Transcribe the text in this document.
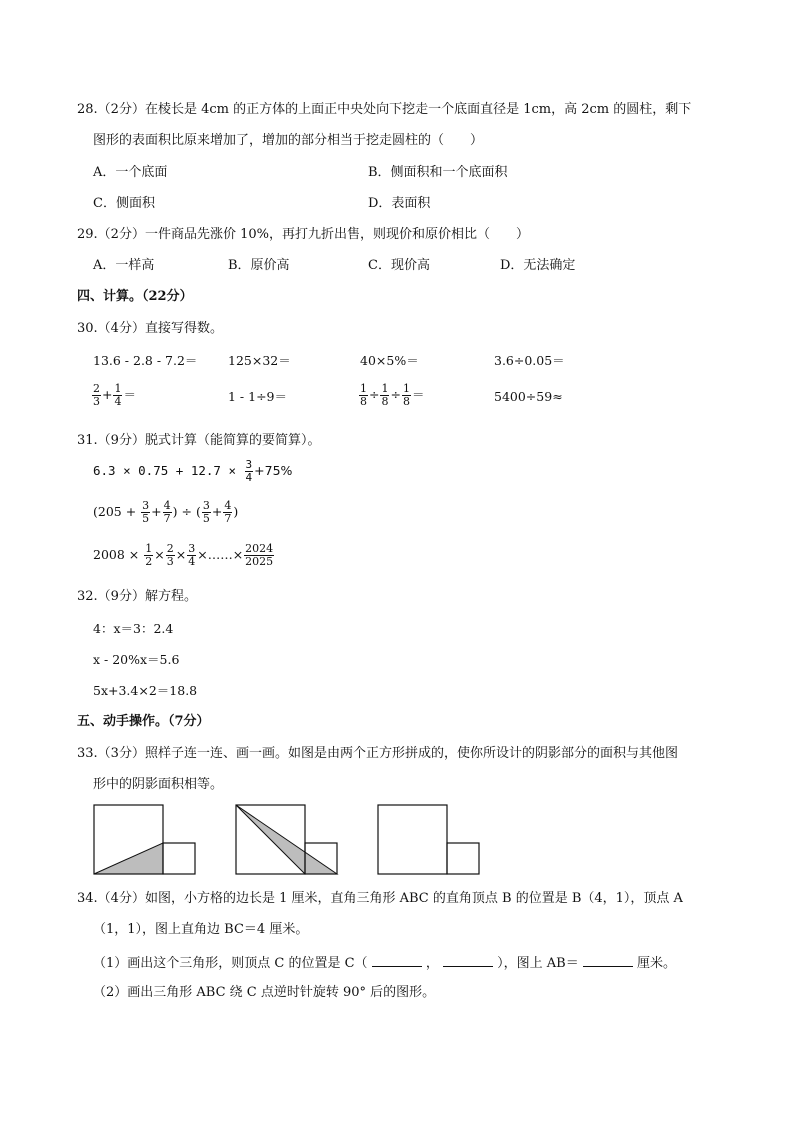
28.（2分）在棱长是 4cm 的正方体的上面正中央处向下挖走一个底面直径是 1cm，高 2cm 的圆柱，剩下
图形的表面积比原来增加了，增加的部分相当于挖走圆柱的（　　）
A．一个底面	B．侧面积和一个底面积
C．侧面积	D．表面积
29.（2分）一件商品先涨价 10%，再打九折出售，则现价和原价相比（　　）
A．一样高	B．原价高	C．现价高	D．无法确定
四、计算。（22分）
30.（4分）直接写得数。
13.6 - 2.8 - 7.2＝ 125×32＝	40×5%＝	3.6÷0.05＝
$\frac{2}{3} + \frac{1}{4}$ ＝	1 - 1÷9＝	$\frac{1}{8} \div \frac{1}{8} \div \frac{1}{8}$ ＝	5400÷59≈
31.（9分）脱式计算（能简算的要简算）。
$6.3 \times 0.75 + 12.7 \times \frac{3}{4} +75\%$
($205 + \frac{3}{5} + \frac{4}{7}$ ) ÷ ( $\frac{3}{5} + \frac{4}{7}$ )
$2008 \times \frac{1}{2} \times \frac{2}{3} \times \frac{3}{4}$ ×……× $\frac{2024}{2025}$
32.（9分）解方程。
4：x＝3：2.4
x - 20%x＝5.6
5x+3.4×2＝18.8
五、动手操作。（7分）
33.（3分）照样子连一连、画一画。如图是由两个正方形拼成的，使你所设计的阴影部分的面积与其他图
形中的阴影面积相等。
34.（4分）如图，小方格的边长是 1 厘米，直角三角形 ABC 的直角顶点 B 的位置是 B（4，1），顶点 A
（1，1），图上直角边 BC＝4 厘米。
（1）画出这个三角形，则顶点 C 的位置是 C（	，	），图上 AB＝	厘米。
（2）画出三角形 ABC 绕 C 点逆时针旋转 90° 后的图形。
